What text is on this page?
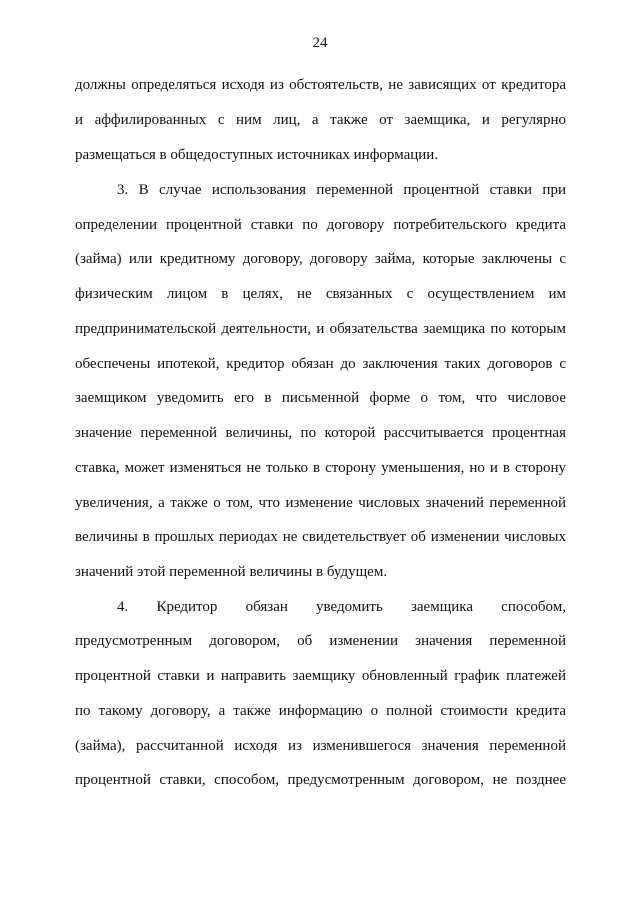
24
должны определяться исходя из обстоятельств, не зависящих от кредитора
и аффилированных с ним лиц, а также от заемщика, и регулярно
размещаться в общедоступных источниках информации.
3. В случае использования переменной процентной ставки при
определении процентной ставки по договору потребительского кредита
(займа) или кредитному договору, договору займа, которые заключены с
физическим лицом в целях, не связанных с осуществлением им
предпринимательской деятельности, и обязательства заемщика по которым
обеспечены ипотекой, кредитор обязан до заключения таких договоров с
заемщиком уведомить его в письменной форме о том, что числовое
значение переменной величины, по которой рассчитывается процентная
ставка, может изменяться не только в сторону уменьшения, но и в сторону
увеличения, а также о том, что изменение числовых значений переменной
величины в прошлых периодах не свидетельствует об изменении числовых
значений этой переменной величины в будущем.
4. Кредитор обязан уведомить заемщика способом,
предусмотренным договором, об изменении значения переменной
процентной ставки и направить заемщику обновленный график платежей
по такому договору, а также информацию о полной стоимости кредита
(займа), рассчитанной исходя из изменившегося значения переменной
процентной ставки, способом, предусмотренным договором, не позднее
